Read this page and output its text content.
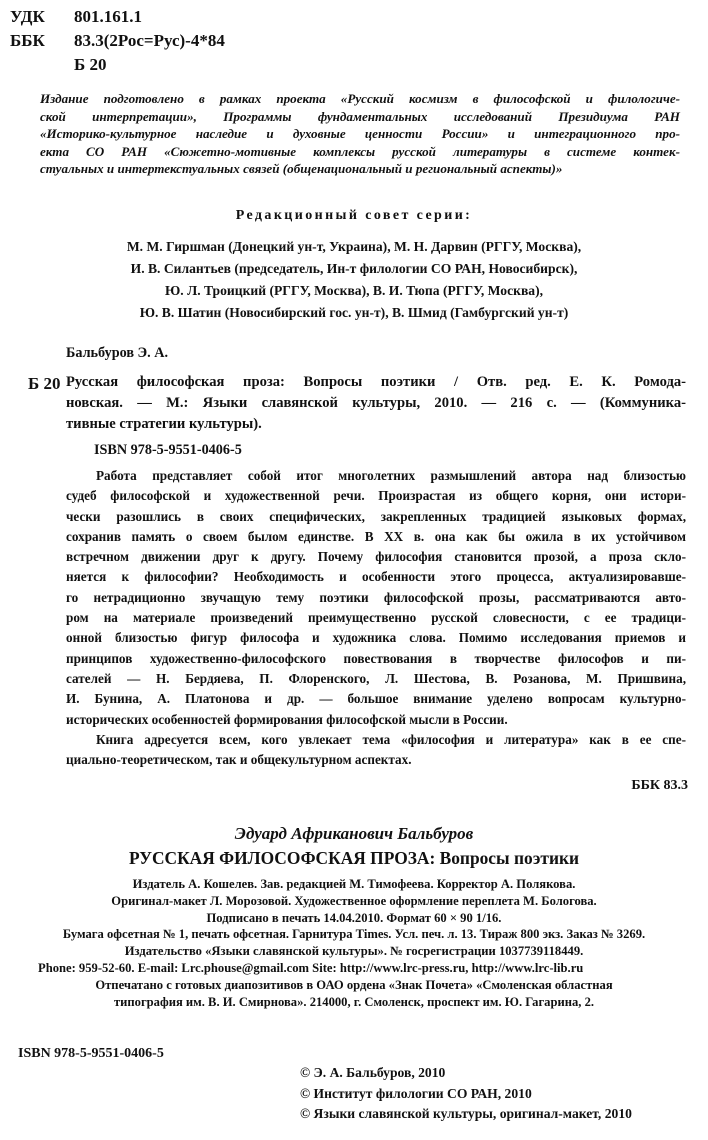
УДК	801.161.1
ББК	83.3(2Рос=Рус)-4*84
Б 20
Издание подготовлено в рамках проекта «Русский космизм в философской и филологиче-
ской интерпретации», Программы фундаментальных исследований Президиума РАН
«Историко-культурное наследие и духовные ценности России» и интеграционного про-
екта СО РАН «Сюжетно-мотивные комплексы русской литературы в системе контек-
стуальных и интертекстуальных связей (общенациональный и региональный аспекты)»
Редакционный совет серии:
М. М. Гиршман (Донецкий ун-т, Украина), М. Н. Дарвин (РГГУ, Москва),
И. В. Силантьев (председатель, Ин-т филологии СО РАН, Новосибирск),
Ю. Л. Троицкий (РГГУ, Москва), В. И. Тюпа (РГГУ, Москва),
Ю. В. Шатин (Новосибирский гос. ун-т), В. Шмид (Гамбургский ун-т)
Бальбуров Э. А.
Б 20 Русская философская проза: Вопросы поэтики / Отв. ред. Е. К. Ромода-
новская. — М.: Языки славянской культуры, 2010. — 216 с. — (Коммуника-
тивные стратегии культуры).
ISBN 978-5-9551-0406-5
Работа представляет собой итог многолетних размышлений автора над близостью
судеб философской и художественной речи. Произрастая из общего корня, они истори-
чески разошлись в своих специфических, закрепленных традицией языковых формах,
сохранив память о своем былом единстве. В XX в. она как бы ожила в их устойчивом
встречном движении друг к другу. Почему философия становится прозой, а проза скло-
няется к философии? Необходимость и особенности этого процесса, актуализировавше-
го нетрадиционно звучащую тему поэтики философской прозы, рассматриваются авто-
ром на материале произведений преимущественно русской словесности, с ее традици-
онной близостью фигур философа и художника слова. Помимо исследования приемов и
принципов художественно-философского повествования в творчестве философов и пи-
сателей — Н. Бердяева, П. Флоренского, Л. Шестова, В. Розанова, М. Пришвина,
И. Бунина, А. Платонова и др. — большое внимание уделено вопросам культурно-
исторических особенностей формирования философской мысли в России.
Книга адресуется всем, кого увлекает тема «философия и литература» как в ее спе-
циально-теоретическом, так и общекультурном аспектах.
ББК 83.3
Эдуард Африканович Бальбуров
РУССКАЯ ФИЛОСОФСКАЯ ПРОЗА: Вопросы поэтики
Издатель А. Кошелев. Зав. редакцией М. Тимофеева. Корректор А. Полякова.
Оригинал-макет Л. Морозовой. Художественное оформление переплета М. Бологова.
Подписано в печать 14.04.2010. Формат 60 × 90 1/16.
Бумага офсетная № 1, печать офсетная. Гарнитура Times. Усл. печ. л. 13. Тираж 800 экз. Заказ № 3269.
Издательство «Языки славянской культуры». № госрегистрации 1037739118449.
Phone: 959-52-60. E-mail: Lrc.phouse@gmail.com Site: http://www.lrc-press.ru, http://www.lrc-lib.ru
Отпечатано с готовых диапозитивов в ОАО ордена «Знак Почета» «Смоленская областная
типография им. В. И. Смирнова». 214000, г. Смоленск, проспект им. Ю. Гагарина, 2.
ISBN 978-5-9551-0406-5
© Э. А. Бальбуров, 2010
© Институт филологии СО РАН, 2010
© Языки славянской культуры, оригинал-макет, 2010
